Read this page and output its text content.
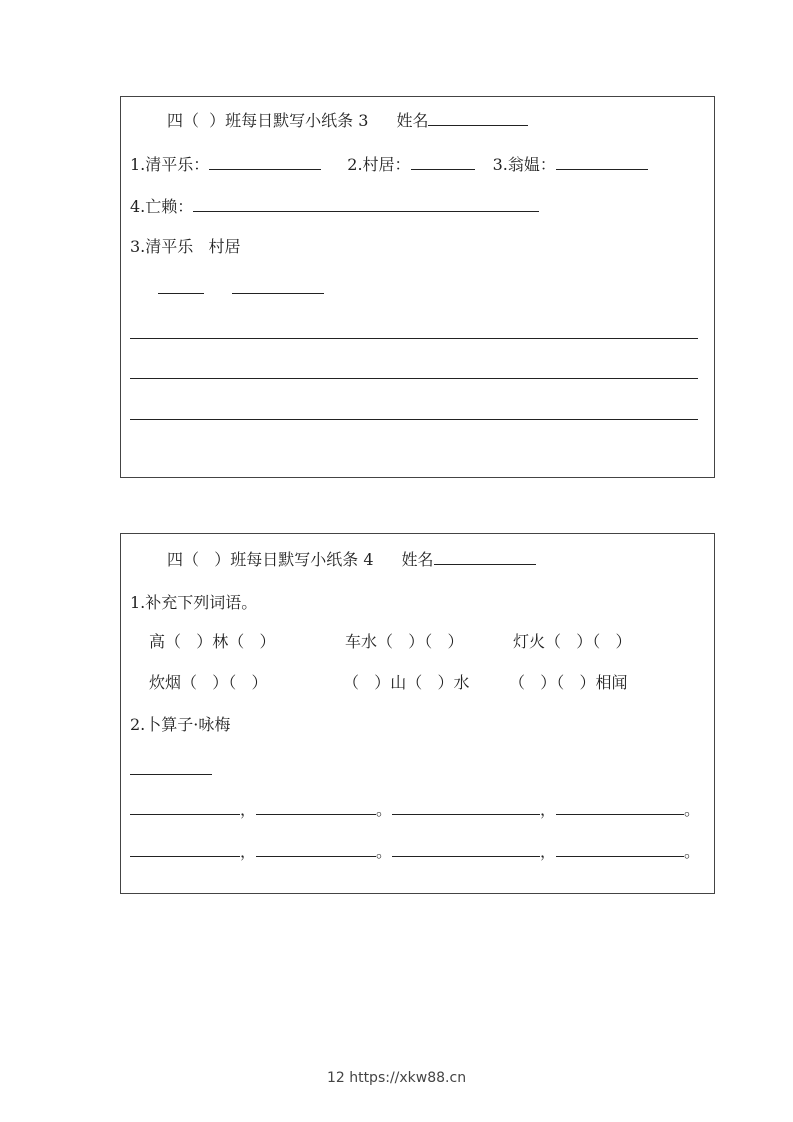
四（  ）班每日默写小纸条 3 姓名
1.清平乐：	2.村居：	3.翁媪：
4.亡赖：
3.清平乐   村居
四（   ）班每日默写小纸条 4 姓名
1.补充下列词语。
高（   ）林（   ）	车水（   ）（   ）	灯火（   ）（   ）
炊烟（   ）（   ）	（   ）山（   ）水 （   ）（   ）相闻
2.卜算子·咏梅
，	。	，	。
，	。	，	。
12 https://xkw88.cn
